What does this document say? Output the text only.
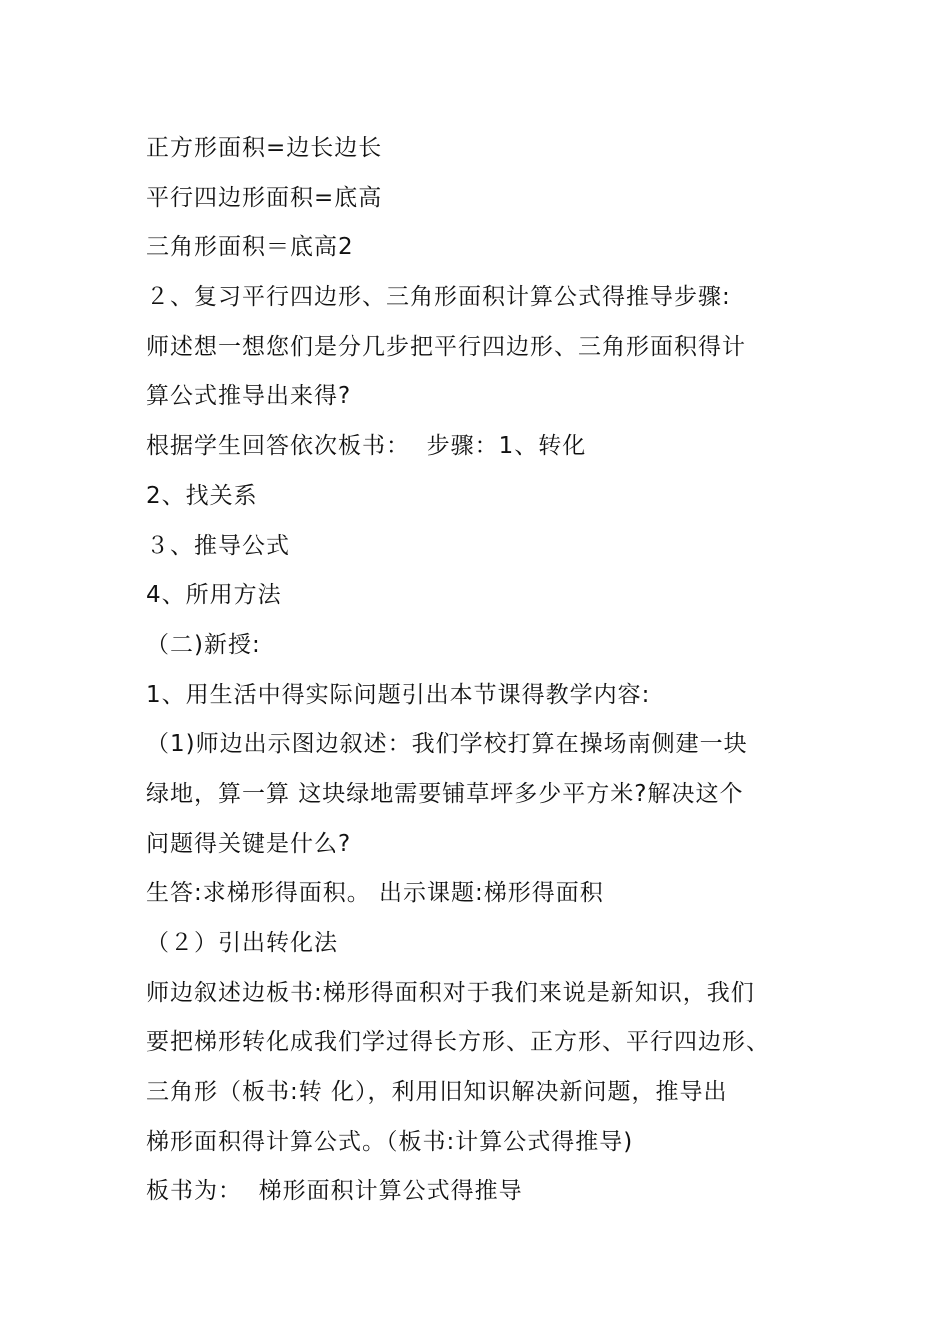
正方形面积=边长边长
平行四边形面积=底高
三角形面积＝底高2
２、复习平行四边形、三角形面积计算公式得推导步骤:
师述想一想您们是分几步把平行四边形、三角形面积得计
算公式推导出来得?
根据学生回答依次板书：  步骤：1、转化
2、找关系
３、推导公式
4、所用方法
（二)新授:
1、用生活中得实际问题引出本节课得教学内容:
（1)师边出示图边叙述：我们学校打算在操场南侧建一块
绿地，算一算 这块绿地需要铺草坪多少平方米?解决这个
问题得关键是什么?
生答:求梯形得面积。 出示课题:梯形得面积
（２）引出转化法
师边叙述边板书:梯形得面积对于我们来说是新知识，我们
要把梯形转化成我们学过得长方形、正方形、平行四边形、
三角形（板书:转 化），利用旧知识解决新问题，推导出
梯形面积得计算公式。（板书:计算公式得推导)
板书为：  梯形面积计算公式得推导
